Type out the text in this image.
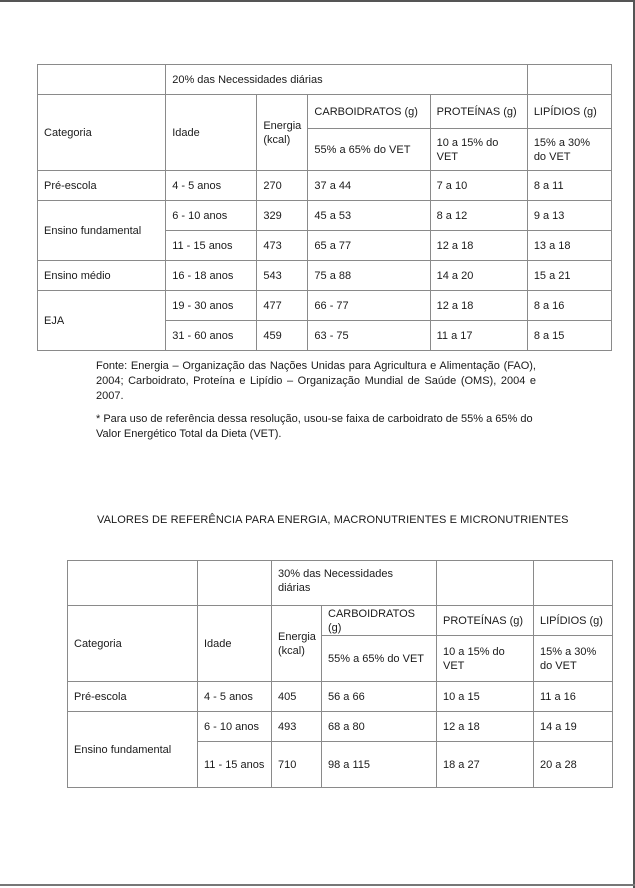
	20% das Necessidades diárias				
Categoria	Idade	Energia (kcal)	CARBOIDRATOS (g)	PROTEÍNAS (g)	LIPÍDIOS (g)
			55% a 65% do VET	10 a 15% do VET	15% a 30% do VET
Pré-escola	4 - 5 anos	270	37 a 44	7 a 10	8 a 11
Ensino fundamental	6 - 10 anos	329	45 a 53	8 a 12	9 a 13
	11 - 15 anos	473	65 a 77	12 a 18	13 a 18
Ensino médio	16 - 18 anos	543	75 a 88	14 a 20	15 a 21
EJA	19 - 30 anos	477	66 - 77	12 a 18	8 a 16
	31 - 60 anos	459	63 - 75	11 a 17	8 a 15

Fonte: Energia – Organização das Nações Unidas para Agricultura e Alimentação (FAO), 2004; Carboidrato, Proteína e Lipídio – Organização Mundial de Saúde (OMS), 2004 e 2007.

* Para uso de referência dessa resolução, usou-se faixa de carboidrato de 55% a 65% do Valor Energético Total da Dieta (VET).

VALORES DE REFERÊNCIA PARA ENERGIA, MACRONUTRIENTES E MICRONUTRIENTES

		30% das Necessidades diárias			

Categoria	Idade	Energia (kcal)	CARBOIDRATOS (g)	PROTEÍNAS (g)	LIPÍDIOS (g)
			55% a 65% do VET	10 a 15% do VET	15% a 30% do VET
Pré-escola	4 - 5 anos	405	56 a 66	10 a 15	11 a 16
Ensino fundamental	6 - 10 anos	493	68 a 80	12 a 18	14 a 19
	11 - 15 anos	710	98 a 115	18 a 27	20 a 28
